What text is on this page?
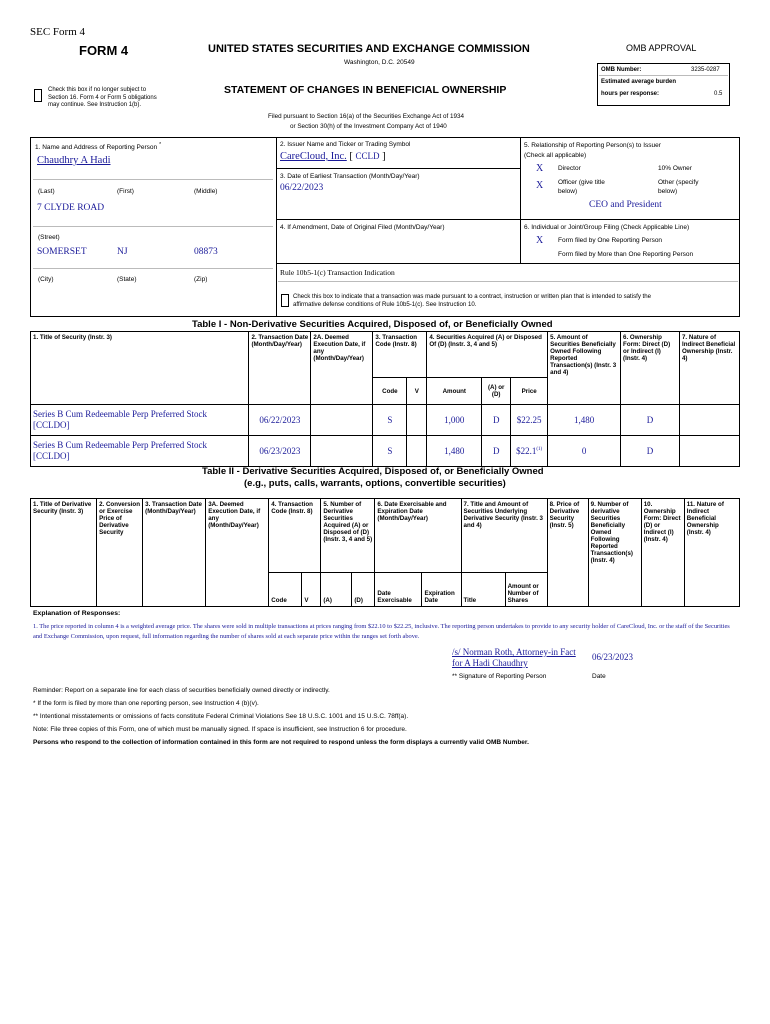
SEC Form 4
FORM 4	UNITED STATES SECURITIES AND EXCHANGE COMMISSION
Washington, D.C. 20549
Check this box if no longer subject to
Section 16. Form 4 or Form 5 obligations
may continue. See Instruction 1(b).
STATEMENT OF CHANGES IN BENEFICIAL OWNERSHIP
Filed pursuant to Section 16(a) of the Securities Exchange Act of 1934
or Section 30(h) of the Investment Company Act of 1940
OMB APPROVAL
OMB Number:	3235-0287
Estimated average burden
hours per response:	0.5
1. Name and Address of Reporting Person *
Chaudhry A Hadi
(Last)	(First)	(Middle)
7 CLYDE ROAD
(Street)
SOMERSET	NJ	08873
(City)	(State)	(Zip)
2. Issuer Name and Ticker or Trading Symbol
CareCloud, Inc. [ CCLD ]
3. Date of Earliest Transaction (Month/Day/Year)
06/22/2023
4. If Amendment, Date of Original Filed (Month/Day/Year)
5. Relationship of Reporting Person(s) to Issuer
(Check all applicable)
X Director	10% Owner
X Officer (give title
below)
Other (specify
below)
CEO and President
6. Individual or Joint/Group Filing (Check Applicable Line)
X Form filed by One Reporting Person
Form filed by More than One Reporting Person
Rule 10b5-1(c) Transaction Indication
Check this box to indicate that a transaction was made pursuant to a contract, instruction or written plan that is intended to satisfy the
affirmative defense conditions of Rule 10b5-1(c). See Instruction 10.
Table I - Non-Derivative Securities Acquired, Disposed of, or Beneficially Owned
1. Title of Security (Instr. 3)	2. Transaction Date (Month/Day/Year)	2A. Deemed Execution Date, if any (Month/Day/Year)	3. Transaction Code (Instr. 8)		4. Securities Acquired (A) or Disposed Of (D) (Instr. 3, 4 and 5)			5. Amount of Securities Beneficially Owned Following Reported Transaction(s) (Instr. 3 and 4)	6. Ownership Form: Direct (D) or Indirect (I) (Instr. 4)	7. Nature of Indirect Beneficial Ownership (Instr. 4)
			Code	V	Amount	(A) or (D)	Price			

Series B Cum Redeemable Perp Preferred Stock
[CCLDO]	06/22/2023		S		1,000	D	$22.25	1,480	D	

Series B Cum Redeemable Perp Preferred Stock
[CCLDO]	06/23/2023		S		1,480	D	$22.1$^{(1)}$	0	D	
Table II - Derivative Securities Acquired, Disposed of, or Beneficially Owned
(e.g., puts, calls, warrants, options, convertible securities)
1. Title of Derivative Security (Instr. 3)	2. Conversion or Exercise Price of Derivative Security	3. Transaction Date (Month/Day/Year)	3A. Deemed Execution Date, if any (Month/Day/Year)	4. Transaction Code (Instr. 8)		5. Number of Derivative Securities Acquired (A) or Disposed of (D) (Instr. 3, 4 and 5)		6. Date Exercisable and Expiration Date (Month/Day/Year)		7. Title and Amount of Securities Underlying Derivative Security (Instr. 3 and 4)		8. Price of Derivative Security (Instr. 5)	9. Number of derivative Securities Beneficially Owned Following Reported Transaction(s) (Instr. 4)	10. Ownership Form: Direct (D) or Indirect (I) (Instr. 4)	11. Nature of Indirect Beneficial Ownership (Instr. 4)
				Code	V	(A)	(D)	Date Exercisable	Expiration Date	Title	Amount or Number of Shares				
Explanation of Responses:
1. The price reported in column 4 is a weighted average price. The shares were sold in multiple transactions at prices ranging from $22.10 to $22.25, inclusive. The reporting person undertakes to provide to any security holder of CareCloud, Inc. or the staff of the Securities and Exchange Commission, upon request, full information regarding the number of shares sold at each separate price within the ranges set forth above.
/s/ Norman Roth, Attorney-in Fact
for A Hadi Chaudhry
06/23/2023
** Signature of Reporting Person	Date
Reminder: Report on a separate line for each class of securities beneficially owned directly or indirectly.
* If the form is filed by more than one reporting person, see Instruction 4 (b)(v).
** Intentional misstatements or omissions of facts constitute Federal Criminal Violations See 18 U.S.C. 1001 and 15 U.S.C. 78ff(a).
Note: File three copies of this Form, one of which must be manually signed. If space is insufficient, see Instruction 6 for procedure.
Persons who respond to the collection of information contained in this form are not required to respond unless the form displays a currently valid OMB Number.
